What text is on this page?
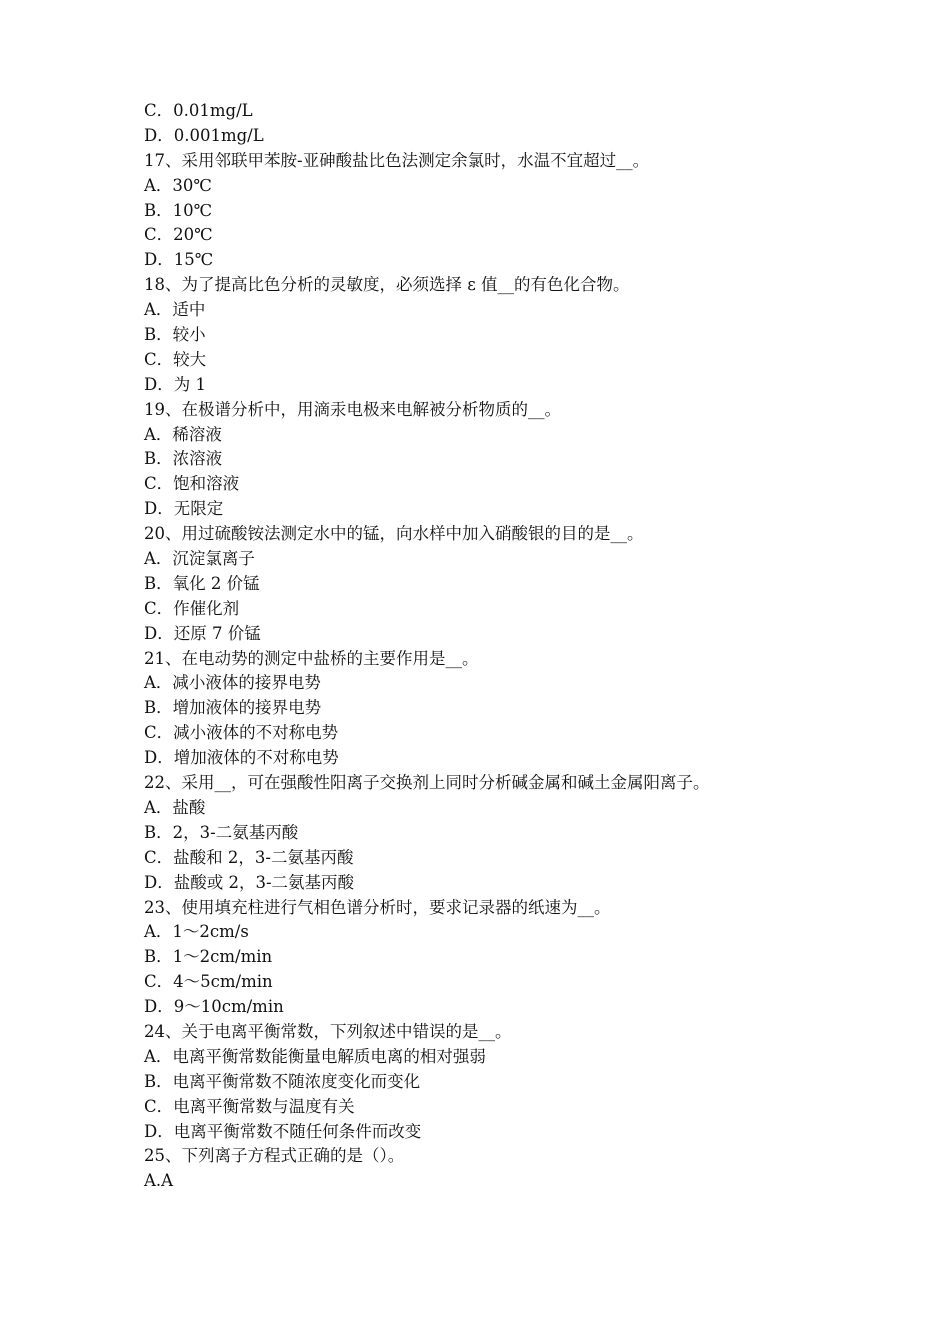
C．0.01mg/L
D．0.001mg/L
17、采用邻联甲苯胺-亚砷酸盐比色法测定余氯时，水温不宜超过__。
A．30℃
B．10℃
C．20℃
D．15℃
18、为了提高比色分析的灵敏度，必须选择 ε 值__的有色化合物。
A．适中
B．较小
C．较大
D．为 1
19、在极谱分析中，用滴汞电极来电解被分析物质的__。
A．稀溶液
B．浓溶液
C．饱和溶液
D．无限定
20、用过硫酸铵法测定水中的锰，向水样中加入硝酸银的目的是__。
A．沉淀氯离子
B．氧化 2 价锰
C．作催化剂
D．还原 7 价锰
21、在电动势的测定中盐桥的主要作用是__。
A．减小液体的接界电势
B．增加液体的接界电势
C．减小液体的不对称电势
D．增加液体的不对称电势
22、采用__，可在强酸性阳离子交换剂上同时分析碱金属和碱土金属阳离子。
A．盐酸
B．2，3-二氨基丙酸
C．盐酸和 2，3-二氨基丙酸
D．盐酸或 2，3-二氨基丙酸
23、使用填充柱进行气相色谱分析时，要求记录器的纸速为__。
A．1～2cm/s
B．1～2cm/min
C．4～5cm/min
D．9～10cm/min
24、关于电离平衡常数，下列叙述中错误的是__。
A．电离平衡常数能衡量电解质电离的相对强弱
B．电离平衡常数不随浓度变化而变化
C．电离平衡常数与温度有关
D．电离平衡常数不随任何条件而改变
25、下列离子方程式正确的是（）。
A.A
